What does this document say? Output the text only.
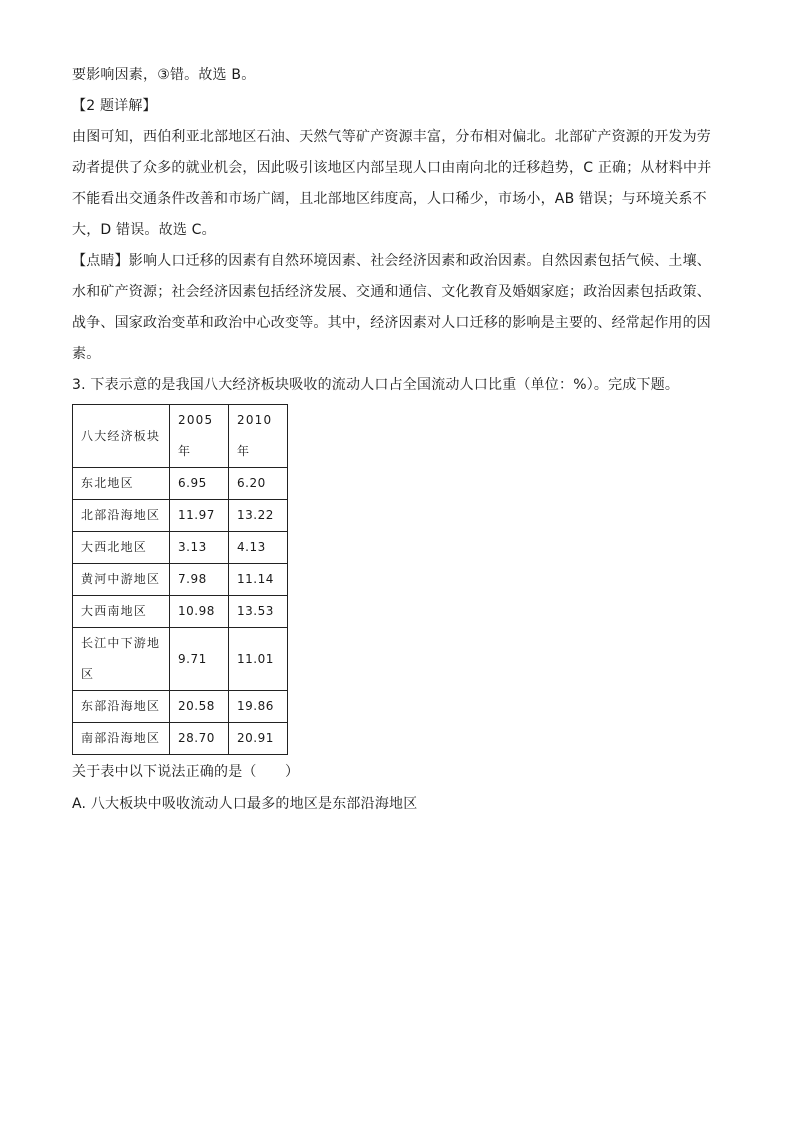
要影响因素，③错。故选 B。

【2 题详解】

由图可知，西伯利亚北部地区石油、天然气等矿产资源丰富，分布相对偏北。北部矿产资源的开发为劳动者提供了众多的就业机会，因此吸引该地区内部呈现人口由南向北的迁移趋势，C 正确；从材料中并不能看出交通条件改善和市场广阔，且北部地区纬度高，人口稀少，市场小，AB 错误；与环境关系不大，D 错误。故选 C。

【点睛】影响人口迁移的因素有自然环境因素、社会经济因素和政治因素。自然因素包括气候、土壤、水和矿产资源；社会经济因素包括经济发展、交通和通信、文化教育及婚姻家庭；政治因素包括政策、战争、国家政治变革和政治中心改变等。其中，经济因素对人口迁移的影响是主要的、经常起作用的因素。

3. 下表示意的是我国八大经济板块吸收的流动人口占全国流动人口比重（单位：%）。完成下题。

八大经济板块	2005 年	2010 年
东北地区	6.95	6.20
北部沿海地区	11.97	13.22
大西北地区	3.13	4.13
黄河中游地区	7.98	11.14
大西南地区	10.98	13.53
长江中下游地区	9.71	11.01
东部沿海地区	20.58	19.86
南部沿海地区	28.70	20.91

关于表中以下说法正确的是（　　）

A. 八大板块中吸收流动人口最多的地区是东部沿海地区
